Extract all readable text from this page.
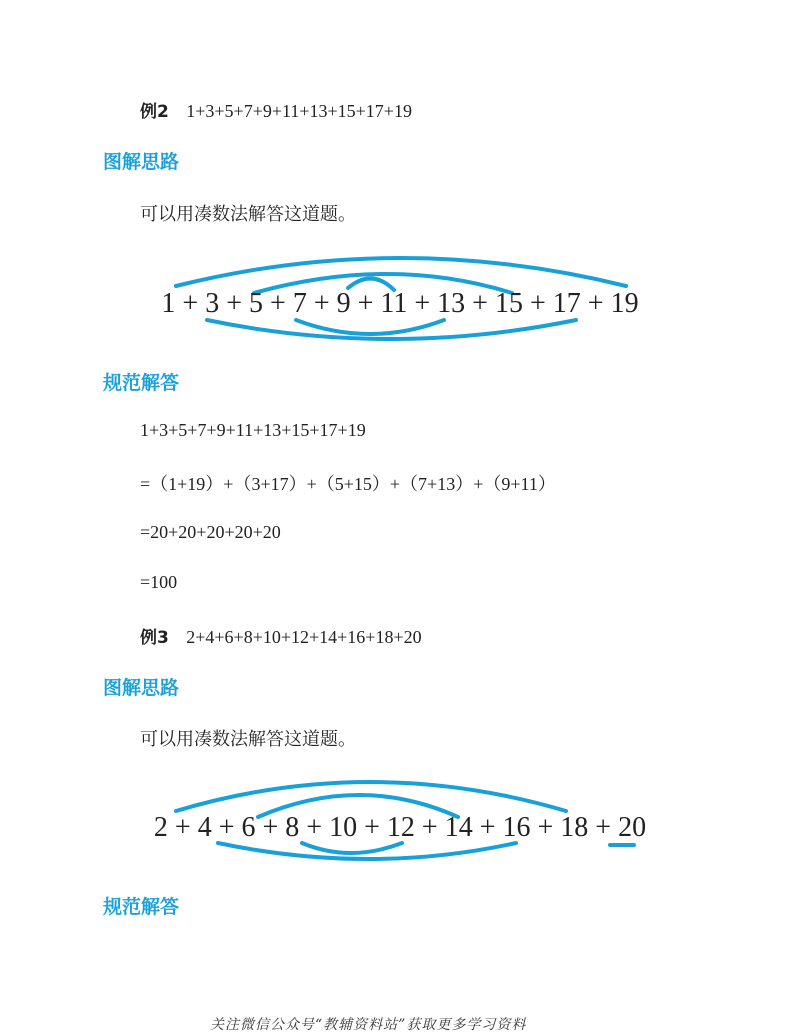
例2 1+3+5+7+9+11+13+15+17+19
图解思路
可以用凑数法解答这道题。
1 + 3 + 5 + 7 + 9 + 11 + 13 + 15 + 17 + 19
规范解答
1+3+5+7+9+11+13+15+17+19
=（1+19）+（3+17）+（5+15）+（7+13）+（9+11）
=20+20+20+20+20
=100
例3 2+4+6+8+10+12+14+16+18+20
图解思路
可以用凑数法解答这道题。
2 + 4 + 6 + 8 + 10 + 12 + 14 + 16 + 18 + 20
规范解答
关注微信公众号“教辅资料站”获取更多学习资料
